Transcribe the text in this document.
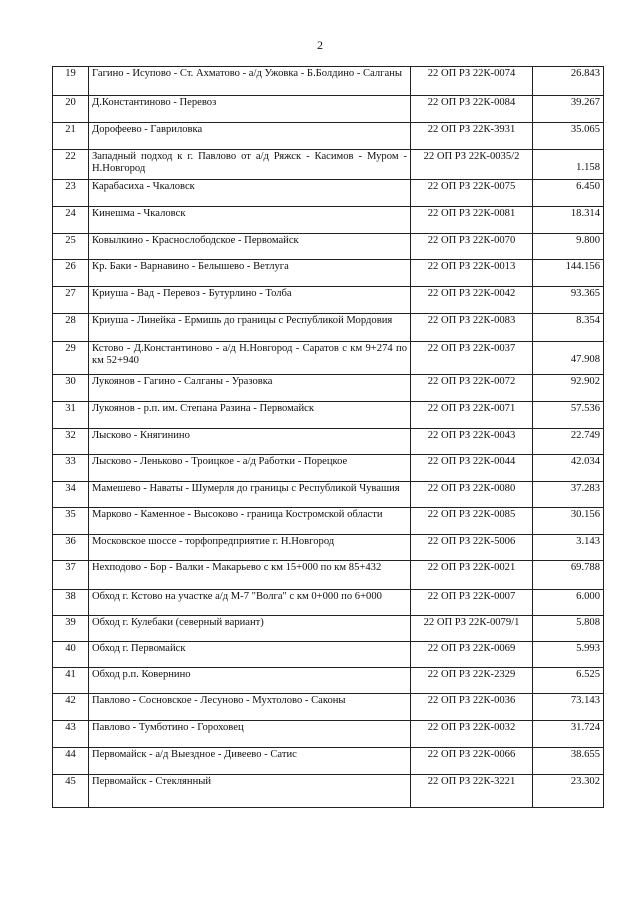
2
19	Гагино - Исупово - Ст. Ахматово - а/д Ужовка - Б.Болдино - Салганы	22 ОП РЗ 22К-0074	26.843

20	Д.Константиново - Перевоз	22 ОП РЗ 22К-0084	39.267

21	Дорофеево - Гавриловка	22 ОП РЗ 22К-3931	35.065

22	Западный подход к г. Павлово от а/д Ряжск - Касимов - Муром - Н.Новгород	22 ОП РЗ 22К-0035/2	1.158

23	Карабасиха - Чкаловск	22 ОП РЗ 22К-0075	6.450

24	Кинешма - Чкаловск	22 ОП РЗ 22К-0081	18.314

25	Ковылкино - Краснослободское - Первомайск	22 ОП РЗ 22К-0070	9.800

26	Кр. Баки - Варнавино - Белышево - Ветлуга	22 ОП РЗ 22К-0013	144.156

27	Криуша - Вад - Перевоз - Бутурлино - Толба	22 ОП РЗ 22К-0042	93.365

28	Криуша - Линейка - Ермишь до границы с Республикой Мордовия	22 ОП РЗ 22К-0083	8.354

29	Кстово - Д.Константиново - а/д Н.Новгород - Саратов с км 9+274 по км 52+940	22 ОП РЗ 22К-0037	47.908

30	Лукоянов - Гагино - Салганы - Уразовка	22 ОП РЗ 22К-0072	92.902

31	Лукоянов - р.п. им. Степана Разина - Первомайск	22 ОП РЗ 22К-0071	57.536

32	Лысково - Княгинино	22 ОП РЗ 22К-0043	22.749

33	Лысково - Леньково - Троицкое - а/д Работки - Порецкое	22 ОП РЗ 22К-0044	42.034

34	Мамешево - Наваты - Шумерля до границы с Республикой Чувашия	22 ОП РЗ 22К-0080	37.283

35	Марково - Каменное - Высоково - граница Костромской области	22 ОП РЗ 22К-0085	30.156

36	Московское шоссе - торфопредприятие г. Н.Новгород	22 ОП РЗ 22К-5006	3.143

37	Нехподово - Бор - Валки - Макарьево с км 15+000 по км 85+432	22 ОП РЗ 22К-0021	69.788

38	Обход г. Кстово на участке а/д М-7 "Волга" с км 0+000 по 6+000	22 ОП РЗ 22К-0007	6.000

39	Обход г. Кулебаки (северный вариант)	22 ОП РЗ 22К-0079/1	5.808

40	Обход г. Первомайск	22 ОП РЗ 22К-0069	5.993

41	Обход р.п. Ковернино	22 ОП РЗ 22К-2329	6.525

42	Павлово - Сосновское - Лесуново - Мухтолово - Саконы	22 ОП РЗ 22К-0036	73.143

43	Павлово - Тумботино - Гороховец	22 ОП РЗ 22К-0032	31.724

44	Первомайск - а/д Выездное - Дивеево - Сатис	22 ОП РЗ 22К-0066	38.655

45	Первомайск - Стеклянный	22 ОП РЗ 22К-3221	23.302
